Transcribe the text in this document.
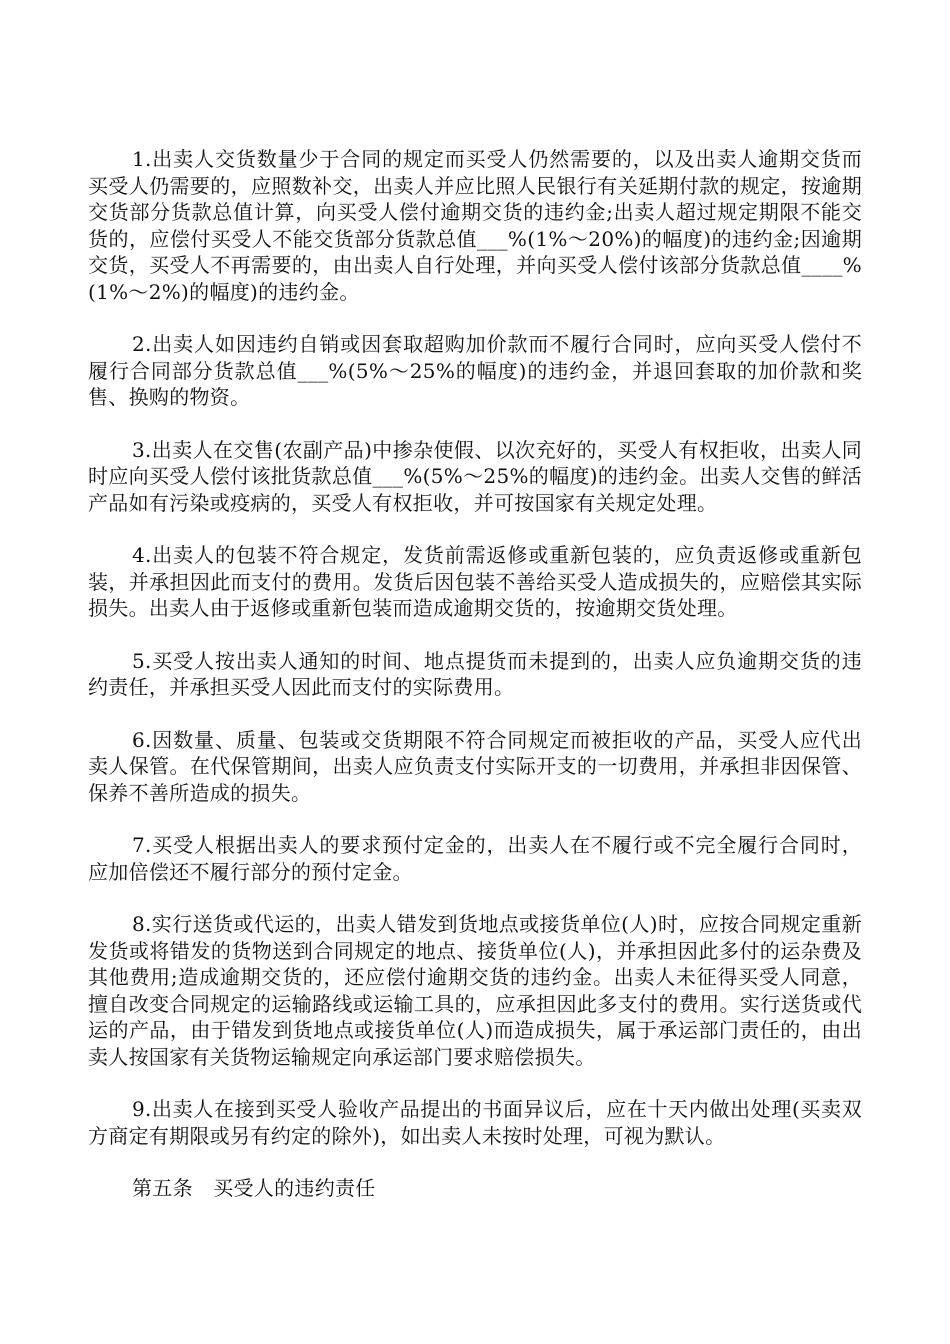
1.出卖人交货数量少于合同的规定而买受人仍然需要的，以及出卖人逾期交货而买受人仍需要的，应照数补交，出卖人并应比照人民银行有关延期付款的规定，按逾期交货部分货款总值计算，向买受人偿付逾期交货的违约金;出卖人超过规定期限不能交货的，应偿付买受人不能交货部分货款总值___%(1%～20%)的幅度)的违约金;因逾期交货，买受人不再需要的，由出卖人自行处理，并向买受人偿付该部分货款总值____%(1%～2%)的幅度)的违约金。

2.出卖人如因违约自销或因套取超购加价款而不履行合同时，应向买受人偿付不履行合同部分货款总值___%(5%～25%的幅度)的违约金，并退回套取的加价款和奖售、换购的物资。

3.出卖人在交售(农副产品)中掺杂使假、以次充好的，买受人有权拒收，出卖人同时应向买受人偿付该批货款总值___%(5%～25%的幅度)的违约金。出卖人交售的鲜活产品如有污染或疫病的，买受人有权拒收，并可按国家有关规定处理。

4.出卖人的包装不符合规定，发货前需返修或重新包装的，应负责返修或重新包装，并承担因此而支付的费用。发货后因包装不善给买受人造成损失的，应赔偿其实际损失。出卖人由于返修或重新包装而造成逾期交货的，按逾期交货处理。

5.买受人按出卖人通知的时间、地点提货而未提到的，出卖人应负逾期交货的违约责任，并承担买受人因此而支付的实际费用。

6.因数量、质量、包装或交货期限不符合同规定而被拒收的产品，买受人应代出卖人保管。在代保管期间，出卖人应负责支付实际开支的一切费用，并承担非因保管、保养不善所造成的损失。

7.买受人根据出卖人的要求预付定金的，出卖人在不履行或不完全履行合同时，应加倍偿还不履行部分的预付定金。

8.实行送货或代运的，出卖人错发到货地点或接货单位(人)时，应按合同规定重新发货或将错发的货物送到合同规定的地点、接货单位(人)，并承担因此多付的运杂费及其他费用;造成逾期交货的，还应偿付逾期交货的违约金。出卖人未征得买受人同意，擅自改变合同规定的运输路线或运输工具的，应承担因此多支付的费用。实行送货或代运的产品，由于错发到货地点或接货单位(人)而造成损失，属于承运部门责任的，由出卖人按国家有关货物运输规定向承运部门要求赔偿损失。

9.出卖人在接到买受人验收产品提出的书面异议后，应在十天内做出处理(买卖双方商定有期限或另有约定的除外)，如出卖人未按时处理，可视为默认。

第五条　买受人的违约责任
